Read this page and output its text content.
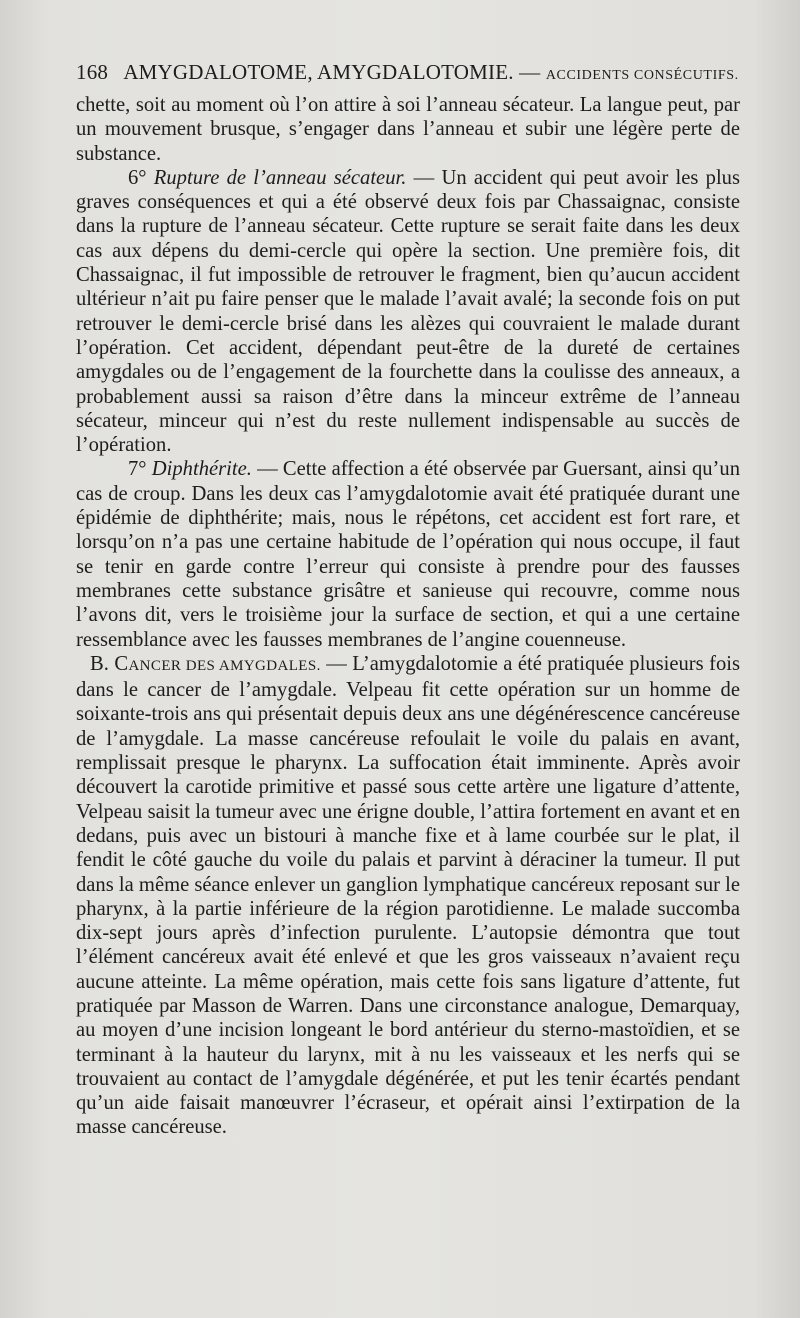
168 AMYGDALOTOME, AMYGDALOTOMIE. — ACCIDENTS CONSÉCUTIFS.

chette, soit au moment où l’on attire à soi l’anneau sécateur. La langue peut, par un mouvement brusque, s’engager dans l’anneau et subir une légère perte de substance.

6° Rupture de l’anneau sécateur. — Un accident qui peut avoir les plus graves conséquences et qui a été observé deux fois par Chassaignac, consiste dans la rupture de l’anneau sécateur. Cette rupture se serait faite dans les deux cas aux dépens du demi-cercle qui opère la section. Une première fois, dit Chassaignac, il fut impossible de retrouver le fragment, bien qu’aucun accident ultérieur n’ait pu faire penser que le malade l’avait avalé; la seconde fois on put retrouver le demi-cercle brisé dans les alèzes qui couvraient le malade durant l’opération. Cet accident, dépendant peut-être de la dureté de certaines amygdales ou de l’engagement de la fourchette dans la coulisse des anneaux, a probablement aussi sa raison d’être dans la minceur extrême de l’anneau sécateur, minceur qui n’est du reste nullement indispensable au succès de l’opération.

7° Diphthérite. — Cette affection a été observée par Guersant, ainsi qu’un cas de croup. Dans les deux cas l’amygdalotomie avait été pratiquée durant une épidémie de diphthérite; mais, nous le répétons, cet accident est fort rare, et lorsqu’on n’a pas une certaine habitude de l’opération qui nous occupe, il faut se tenir en garde contre l’erreur qui consiste à prendre pour des fausses membranes cette substance grisâtre et sanieuse qui recouvre, comme nous l’avons dit, vers le troisième jour la surface de section, et qui a une certaine ressemblance avec les fausses membranes de l’angine couenneuse.

B. CANCER DES AMYGDALES. — L’amygdalotomie a été pratiquée plusieurs fois dans le cancer de l’amygdale. Velpeau fit cette opération sur un homme de soixante-trois ans qui présentait depuis deux ans une dégénérescence cancéreuse de l’amygdale. La masse cancéreuse refoulait le voile du palais en avant, remplissait presque le pharynx. La suffocation était imminente. Après avoir découvert la carotide primitive et passé sous cette artère une ligature d’attente, Velpeau saisit la tumeur avec une érigne double, l’attira fortement en avant et en dedans, puis avec un bistouri à manche fixe et à lame courbée sur le plat, il fendit le côté gauche du voile du palais et parvint à déraciner la tumeur. Il put dans la même séance enlever un ganglion lymphatique cancéreux reposant sur le pharynx, à la partie inférieure de la région parotidienne. Le malade succomba dix-sept jours après d’infection purulente. L’autopsie démontra que tout l’élément cancéreux avait été enlevé et que les gros vaisseaux n’avaient reçu aucune atteinte. La même opération, mais cette fois sans ligature d’attente, fut pratiquée par Masson de Warren. Dans une circonstance analogue, Demarquay, au moyen d’une incision longeant le bord antérieur du sterno-mastoïdien, et se terminant à la hauteur du larynx, mit à nu les vaisseaux et les nerfs qui se trouvaient au contact de l’amygdale dégénérée, et put les tenir écartés pendant qu’un aide faisait manœuvrer l’écraseur, et opérait ainsi l’extirpation de la masse cancéreuse.
